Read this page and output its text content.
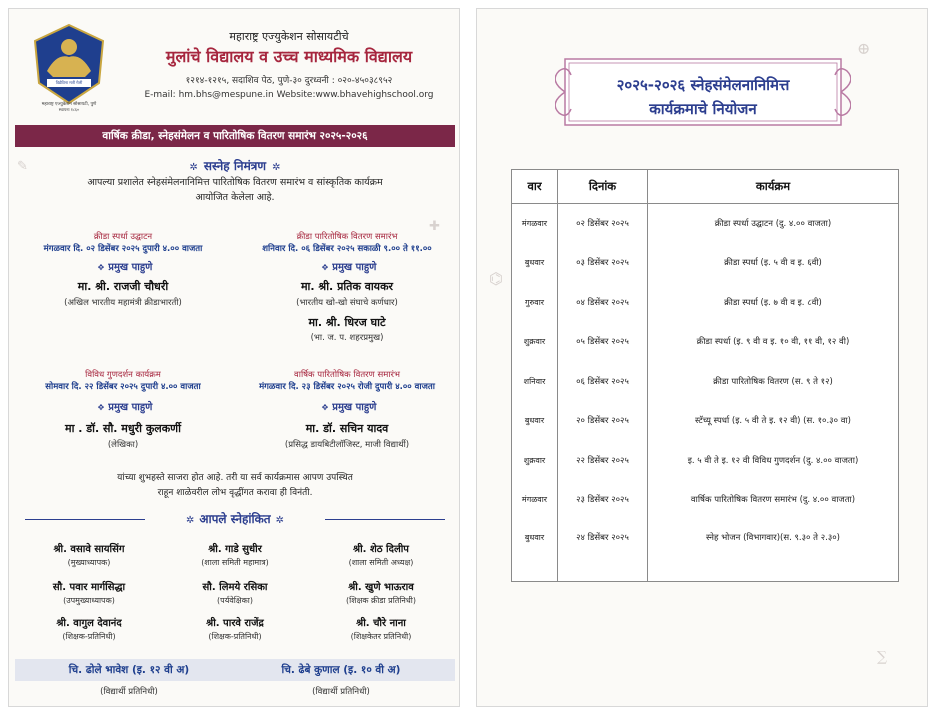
✎
✚
विद्येविना मती गेली
महाराष्ट्र एज्युकेशन सोसायटी, पुणे
स्थापना १८६०
महाराष्ट्र एज्युकेशन सोसायटीचे
मुलांचे विद्यालय व उच्च माध्यमिक विद्यालय
१२१४-१२१५, सदाशिव पेठ, पुणे-३० दुरध्वनी : ०२०-४५०३८९५२
E-mail: hm.bhs@mespune.in Website:www.bhavehighschool.org
वार्षिक क्रीडा, स्नेहसंमेलन व पारितोषिक वितरण समारंभ २०२५-२०२६
✲ सस्नेह निमंत्रण ✲
आपल्या प्रशालेत स्नेहसंमेलनानिमित्त पारितोषिक वितरण समारंभ व सांस्कृतिक कार्यक्रम
आयोजित केलेला आहे.
क्रीडा स्पर्धा उद्घाटन
मंगळवार दि. ०२ डिसेंबर २०२५ दुपारी ४.०० वाजता
✥ प्रमुख पाहुणे
मा. श्री. राजजी चौधरी
(अखिल भारतीय महामंत्री क्रीडाभारती)
क्रीडा पारितोषिक वितरण समारंभ
शनिवार दि. ०६ डिसेंबर २०२५ सकाळी ९.०० ते ११.००
✥ प्रमुख पाहुणे
मा. श्री. प्रतिक वायकर
(भारतीय खो-खो संघाचे कर्णधार)
मा. श्री. धिरज घाटे
(भा. ज. प. शहरप्रमुख)
विविध गुणदर्शन कार्यक्रम
सोमवार दि. २२ डिसेंबर २०२५ दुपारी ४.०० वाजता
✥ प्रमुख पाहुणे
मा . डॉ. सौ. मधुरी कुलकर्णी
(लेखिका)
वार्षिक पारितोषिक वितरण समारंभ
मंगळवार दि. २३ डिसेंबर २०२५ रोजी दुपारी ४.०० वाजता
✥ प्रमुख पाहुणे
मा. डॉ. सचिन यादव
(प्रसिद्ध डायबिटीलॉजिस्ट, माजी विद्यार्थी)
यांच्या शुभहस्ते साजरा होत आहे. तरी या सर्व कार्यक्रमास आपण उपस्थित
राहून शाळेवरील लोभ वृद्धींगत करावा ही विनंती.
✲ आपले स्नेहांकित ✲
श्री. वसावे सायसिंग
(मुख्याध्यापक)
श्री. गाडे सुधीर
(शाला समिती महामात्र)
श्री. शेठ दिलीप
(शाला समिती अध्यक्ष)
सौ. पवार मार्गसिद्धा
(उपमुख्याध्यापक)
सौ. लिमये रसिका
(पर्यवेक्षिका)
श्री. खुणे भाऊराव
(शिक्षक क्रीडा प्रतिनिधी)
श्री. वागुल देवानंद
(शिक्षक-प्रतिनिधी)
श्री. पारवे राजेंद्र
(शिक्षक-प्रतिनिधी)
श्री. चौरे नाना
(शिक्षकेतर प्रतिनिधी)
चि. ढोले भावेश (इ. १२ वी अ)
(विद्यार्थी प्रतिनिधी)
चि. ढेबे कुणाल (इ. १० वी अ)
(विद्यार्थी प्रतिनिधी)
⊕
⌬
∑
२०२५-२०२६ स्नेहसंमेलनानिमित्त
कार्यक्रमाचे नियोजन
वार	दिनांक	कार्यक्रम
मंगळवार	०२ डिसेंबर २०२५	क्रीडा स्पर्धा उद्घाटन (दु. ४.०० वाजता)
बुधवार	०३ डिसेंबर २०२५	क्रीडा स्पर्धा (इ. ५ वी व इ. ६वी)
गुरुवार	०४ डिसेंबर २०२५	क्रीडा स्पर्धा (इ. ७ वी व इ. ८वी)
शुक्रवार	०५ डिसेंबर २०२५	क्रीडा स्पर्धा (इ. ९ वी व इ. १० वी, ११ वी, १२ वी)
शनिवार	०६ डिसेंबर २०२५	क्रीडा पारितोषिक वितरण (स. ९ ते १२)
बुधवार	२० डिसेंबर २०२५	स्टॅच्यू स्पर्धा (इ. ५ वी ते इ. १२ वी) (स. १०.३० वा)
शुक्रवार	२२ डिसेंबर २०२५	इ. ५ वी ते इ. १२ वी विविध गुणदर्शन (दु. ४.०० वाजता)
मंगळवार	२३ डिसेंबर २०२५	वार्षिक पारितोषिक वितरण समारंभ (दु. ४.०० वाजता)
बुधवार	२४ डिसेंबर २०२५	स्नेह भोजन (विभागवार)(स. ९.३० ते २.३०)
